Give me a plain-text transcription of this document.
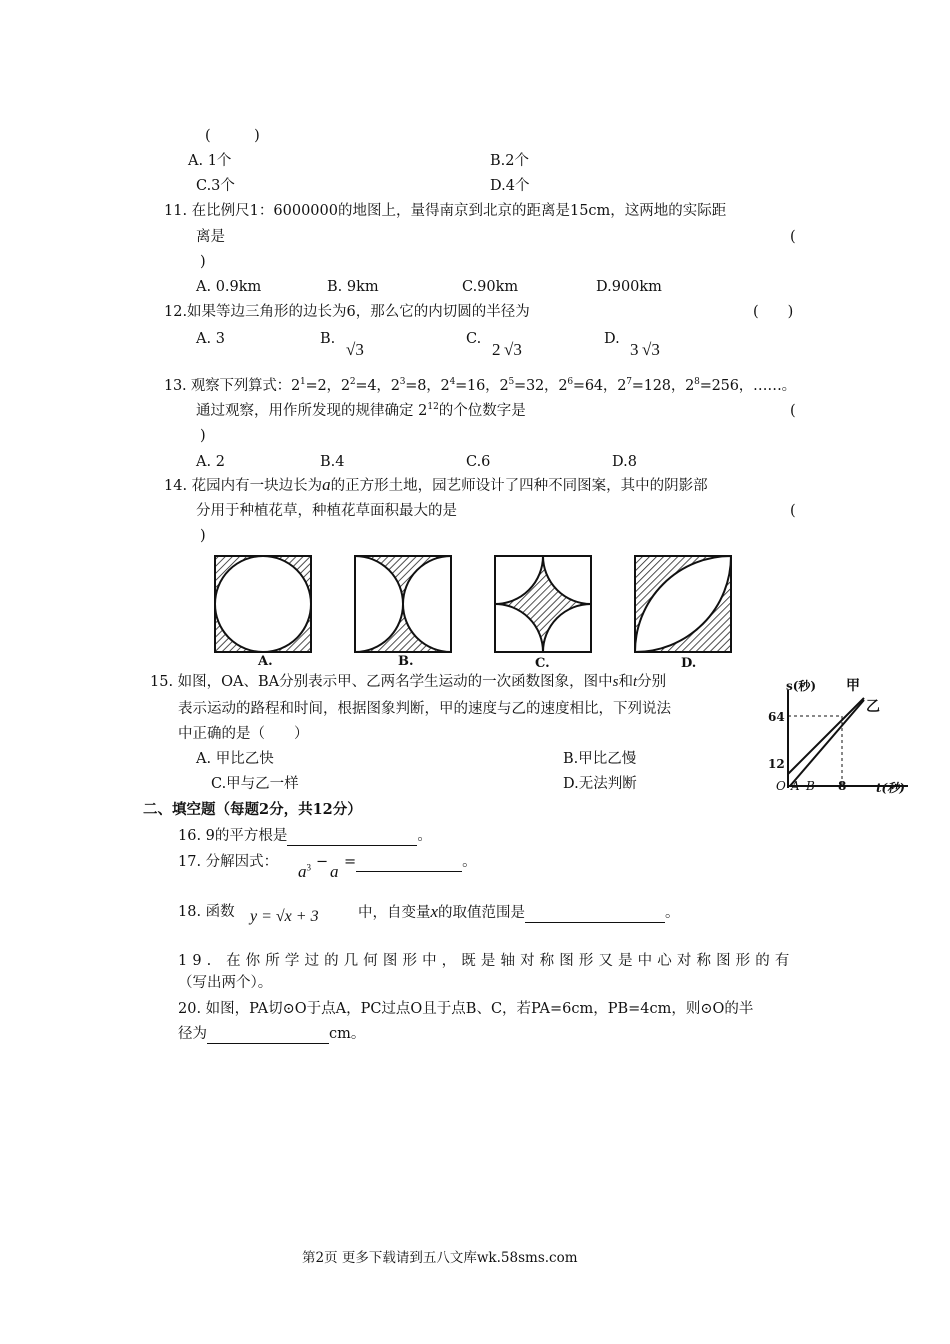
(　　　)
A. 1个	B.2个
C.3个	D.4个
11. 在比例尺1：6000000的地图上，量得南京到北京的距离是15cm，这两地的实际距
离是	(
)
A. 0.9km	B. 9km	C.90km	D.900km
12.如果等边三角形的边长为6，那么它的内切圆的半径为	(　　)
A. 3	B.
√3
C.
2 √3
D.
3 √3
13. 观察下列算式：$2^1=2$，$2^2=4$，$2^3=8$，$2^4=16$，$2^5=32$，$2^6=64$，$2^7=128$，$2^8=256$，……。
通过观察，用作所发现的规律确定 $2^{12}$的个位数字是	(
)
A. 2	B.4	C.6	D.8
14. 花园内有一块边长为a的正方形土地，园艺师设计了四种不同图案，其中的阴影部
分用于种植花草，种植花草面积最大的是	(
)
A.	B.	C.	D.
15. 如图，OA、BA分别表示甲、乙两名学生运动的一次函数图象，图中s和t分别
表示运动的路程和时间，根据图象判断，甲的速度与乙的速度相比，下列说法
中正确的是（　　）
A. 甲比乙快	B.甲比乙慢
C.甲与乙一样	D.无法判断
s(秒) 甲
乙
64
12
O A B 8 t(秒)
二、填空题（每题2分，共12分）
16. 9的平方根是	。
17. 分解因式： $a^3 - a$ =	。
18. 函数 y = √x + 3	中，自变量x的取值范围是	。
19. 在你所学过的几何图形中，既是轴对称图形又是中心对称图形的有
（写出两个）。
20. 如图，PA切⊙O于点A，PC过点O且于点B、C，若PA=6cm，PB=4cm，则⊙O的半
径为	cm。
第2页 更多下载请到五八文库wk.58sms.com
